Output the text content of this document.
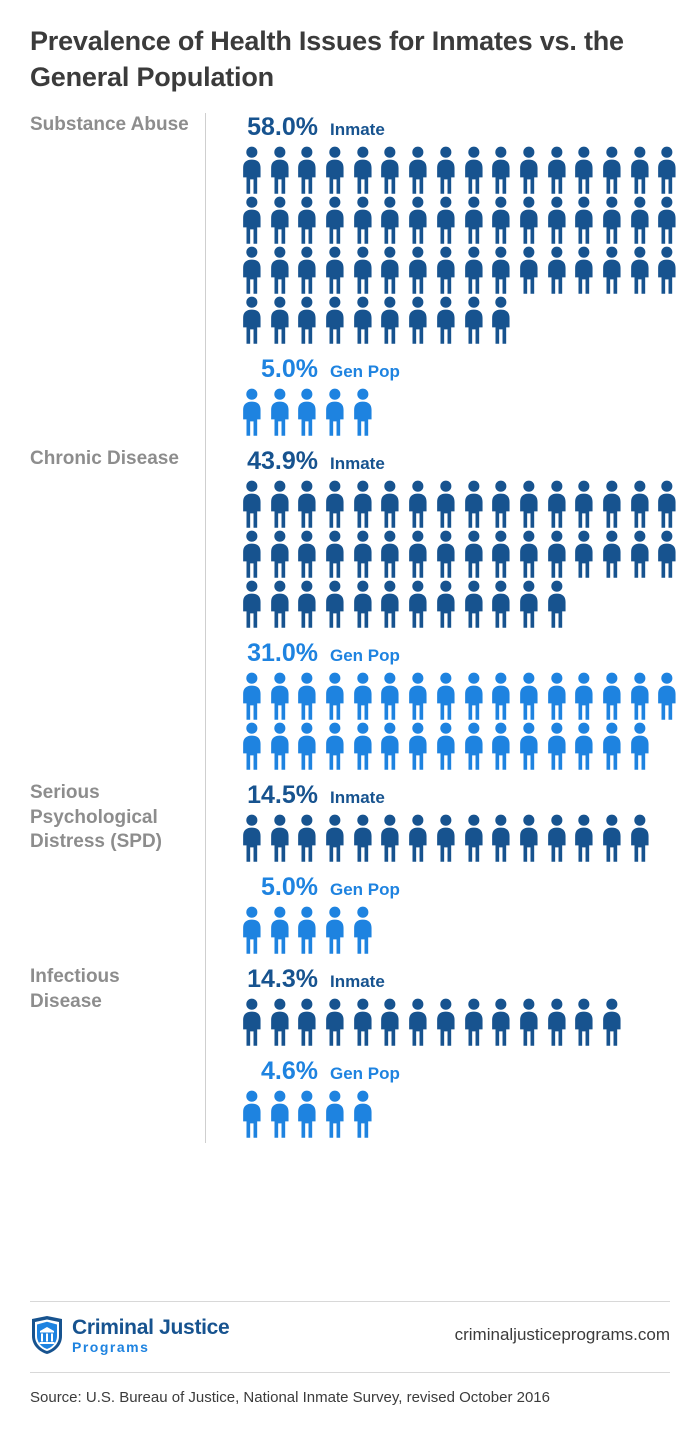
Prevalence of Health Issues for Inmates vs. the General Population
Substance Abuse	58.0% Inmate
5.0% Gen Pop
Chronic Disease	43.9% Inmate
31.0% Gen Pop
Serious Psychological Distress (SPD)
14.5% Inmate
5.0% Gen Pop
Infectious Disease
14.3% Inmate
4.6% Gen Pop
Criminal Justice
Programs
criminaljusticeprograms.com
Source: U.S. Bureau of Justice, National Inmate Survey, revised October 2016
